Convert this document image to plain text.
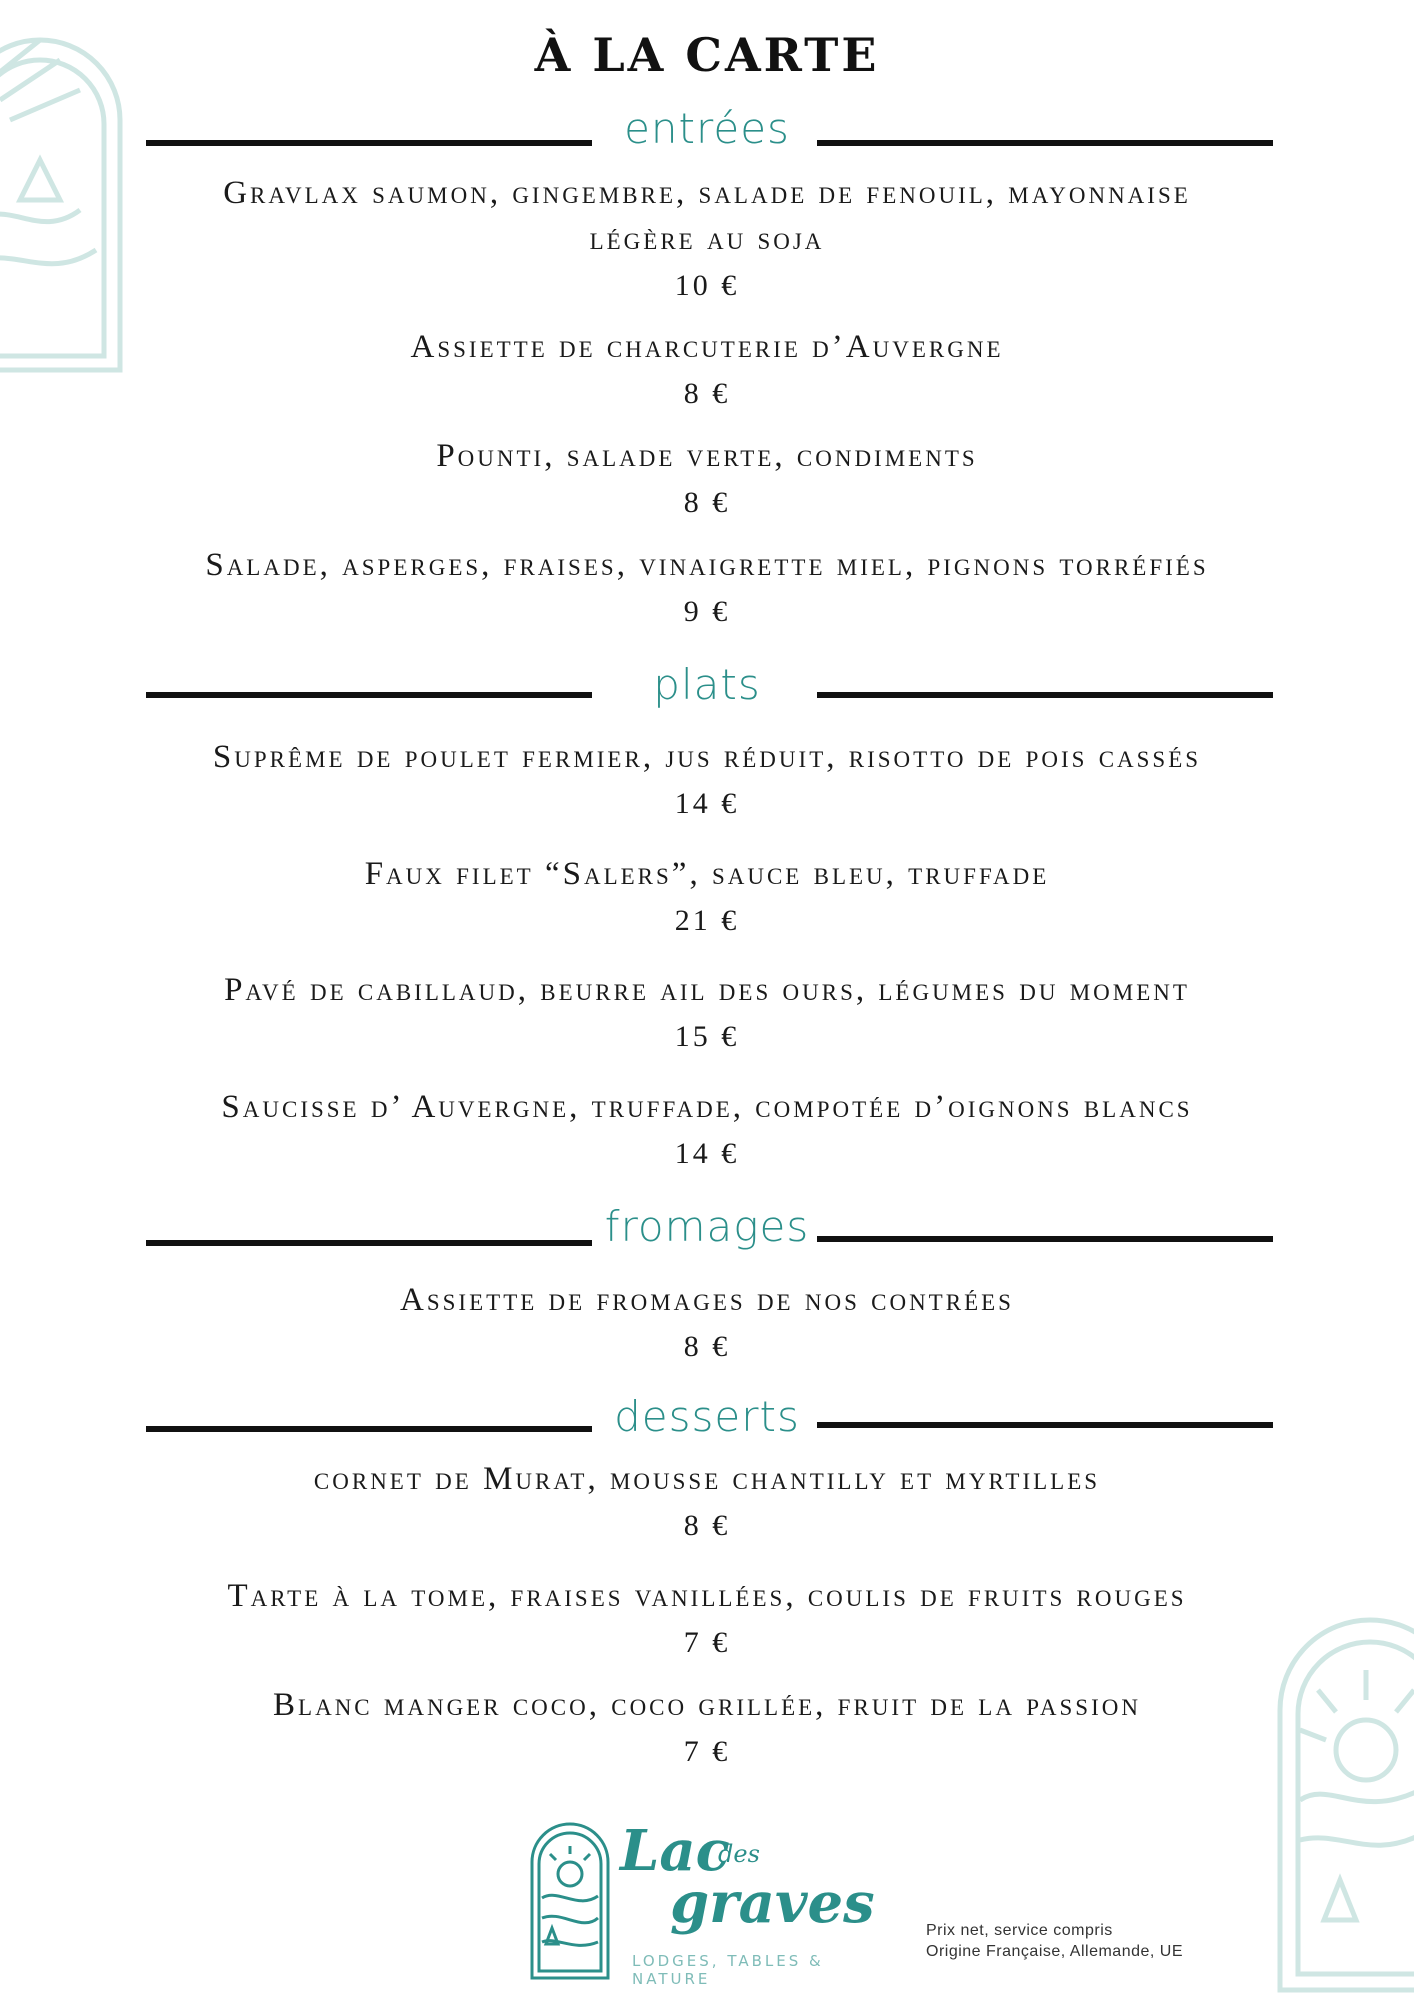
À LA CARTE
entrées
Gravlax saumon, gingembre, salade de fenouil, mayonnaise
légère au soja
10 €
Assiette de charcuterie d’Auvergne
8 €
Pounti, salade verte, condiments
8 €
Salade, asperges, fraises, vinaigrette miel, pignons torréfiés
9 €
plats
Suprême de poulet fermier, jus réduit, risotto de pois cassés
14 €
Faux filet “Salers”, sauce bleu, truffade
21 €
Pavé de cabillaud, beurre ail des ours, légumes du moment
15 €
Saucisse d’ Auvergne, truffade, compotée d’oignons blancs
14 €
fromages
Assiette de fromages de nos contrées
8 €
desserts
cornet de Murat, mousse chantilly et myrtilles
8 €
Tarte à la tome, fraises vanillées, coulis de fruits rouges
7 €
Blanc manger coco, coco grillée, fruit de la passion
7 €
Lac
des
graves
LODGES, TABLES & NATURE
Prix net, service compris
Origine Française, Allemande, UE
